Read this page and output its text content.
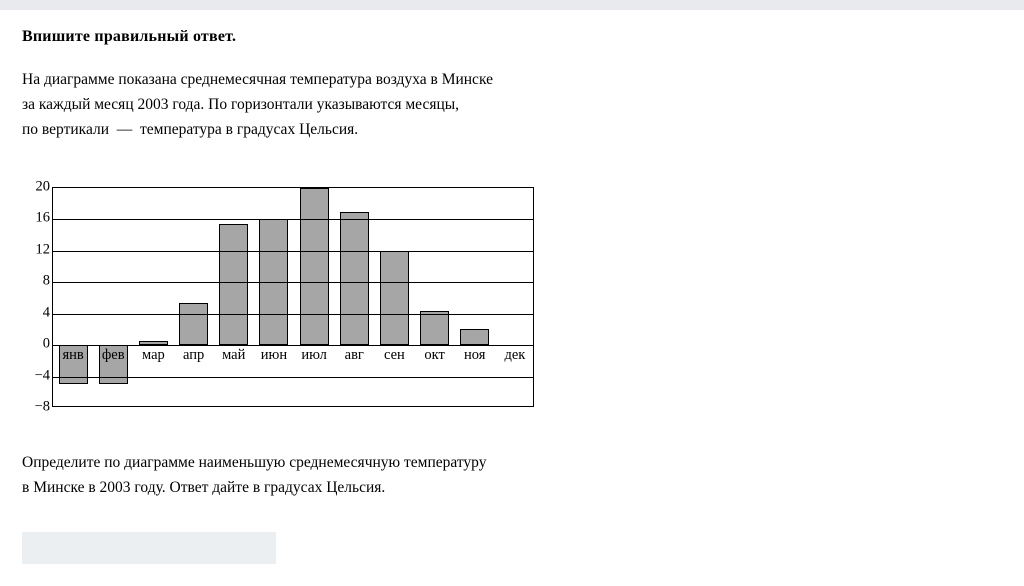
Впишите правильный ответ.
На диаграмме показана среднемесячная температура воздуха в Минске
за каждый месяц 2003 года. По горизонтали указываются месяцы,
по вертикали  —  температура в градусах Цельсия.
−8
−4
0
4
8
12
16
20
янв фев мар апр май июн июл авг сен окт ноя дек
Определите по диаграмме наименьшую среднемесячную температуру
в Минске в 2003 году. Ответ дайте в градусах Цельсия.
